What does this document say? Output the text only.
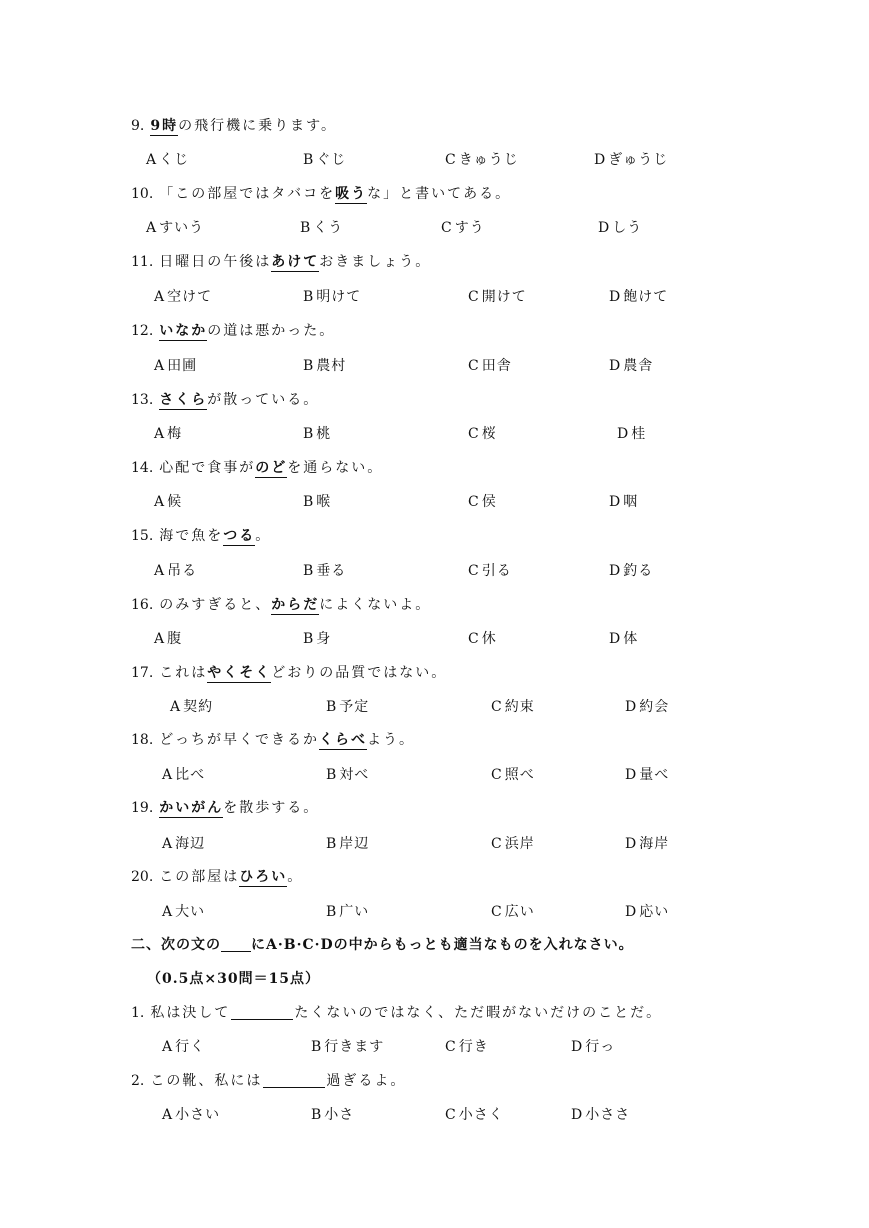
9. 9時の飛行機に乗ります。
A くじ	B ぐじ	C きゅうじ	D ぎゅうじ
10. 「この部屋ではタバコを吸うな」と書いてある。
A すいう	B くう	C すう	D しう
11. 日曜日の午後はあけておきましょう。
A 空けて	B 明けて	C 開けて	D 飽けて
12. いなかの道は悪かった。
A 田圃	B 農村	C 田舎	D 農舎
13. さくらが散っている。
A 梅	B 桃	C 桜	D 桂
14. 心配で食事がのどを通らない。
A 候	B 喉	C 侯	D 咽
15. 海で魚をつる。
A 吊る	B 垂る	C 引る	D 釣る
16. のみすぎると、からだによくないよ。
A 腹	B 身	C 休	D 体
17. これはやくそくどおりの品質ではない。
A 契約	B 予定	C 約束	D 約会
18. どっちが早くできるかくらべよう。
A 比べ	B 対べ	C 照べ	D 量べ
19. かいがんを散歩する。
A 海辺	B 岸辺	C 浜岸	D 海岸
20. この部屋はひろい。
A 大い	B 广い	C 広い	D 応い
二、次の文の にA·B·C·Dの中からもっとも適当なものを入れなさい。
（0.5点×30問＝15点）
1. 私は決して	たくないのではなく、ただ暇がないだけのことだ。
A 行く	B 行きます	C 行き	D 行っ
2. この靴、私には	過ぎるよ。
A 小さい	B 小さ	C 小さく	D 小ささ
